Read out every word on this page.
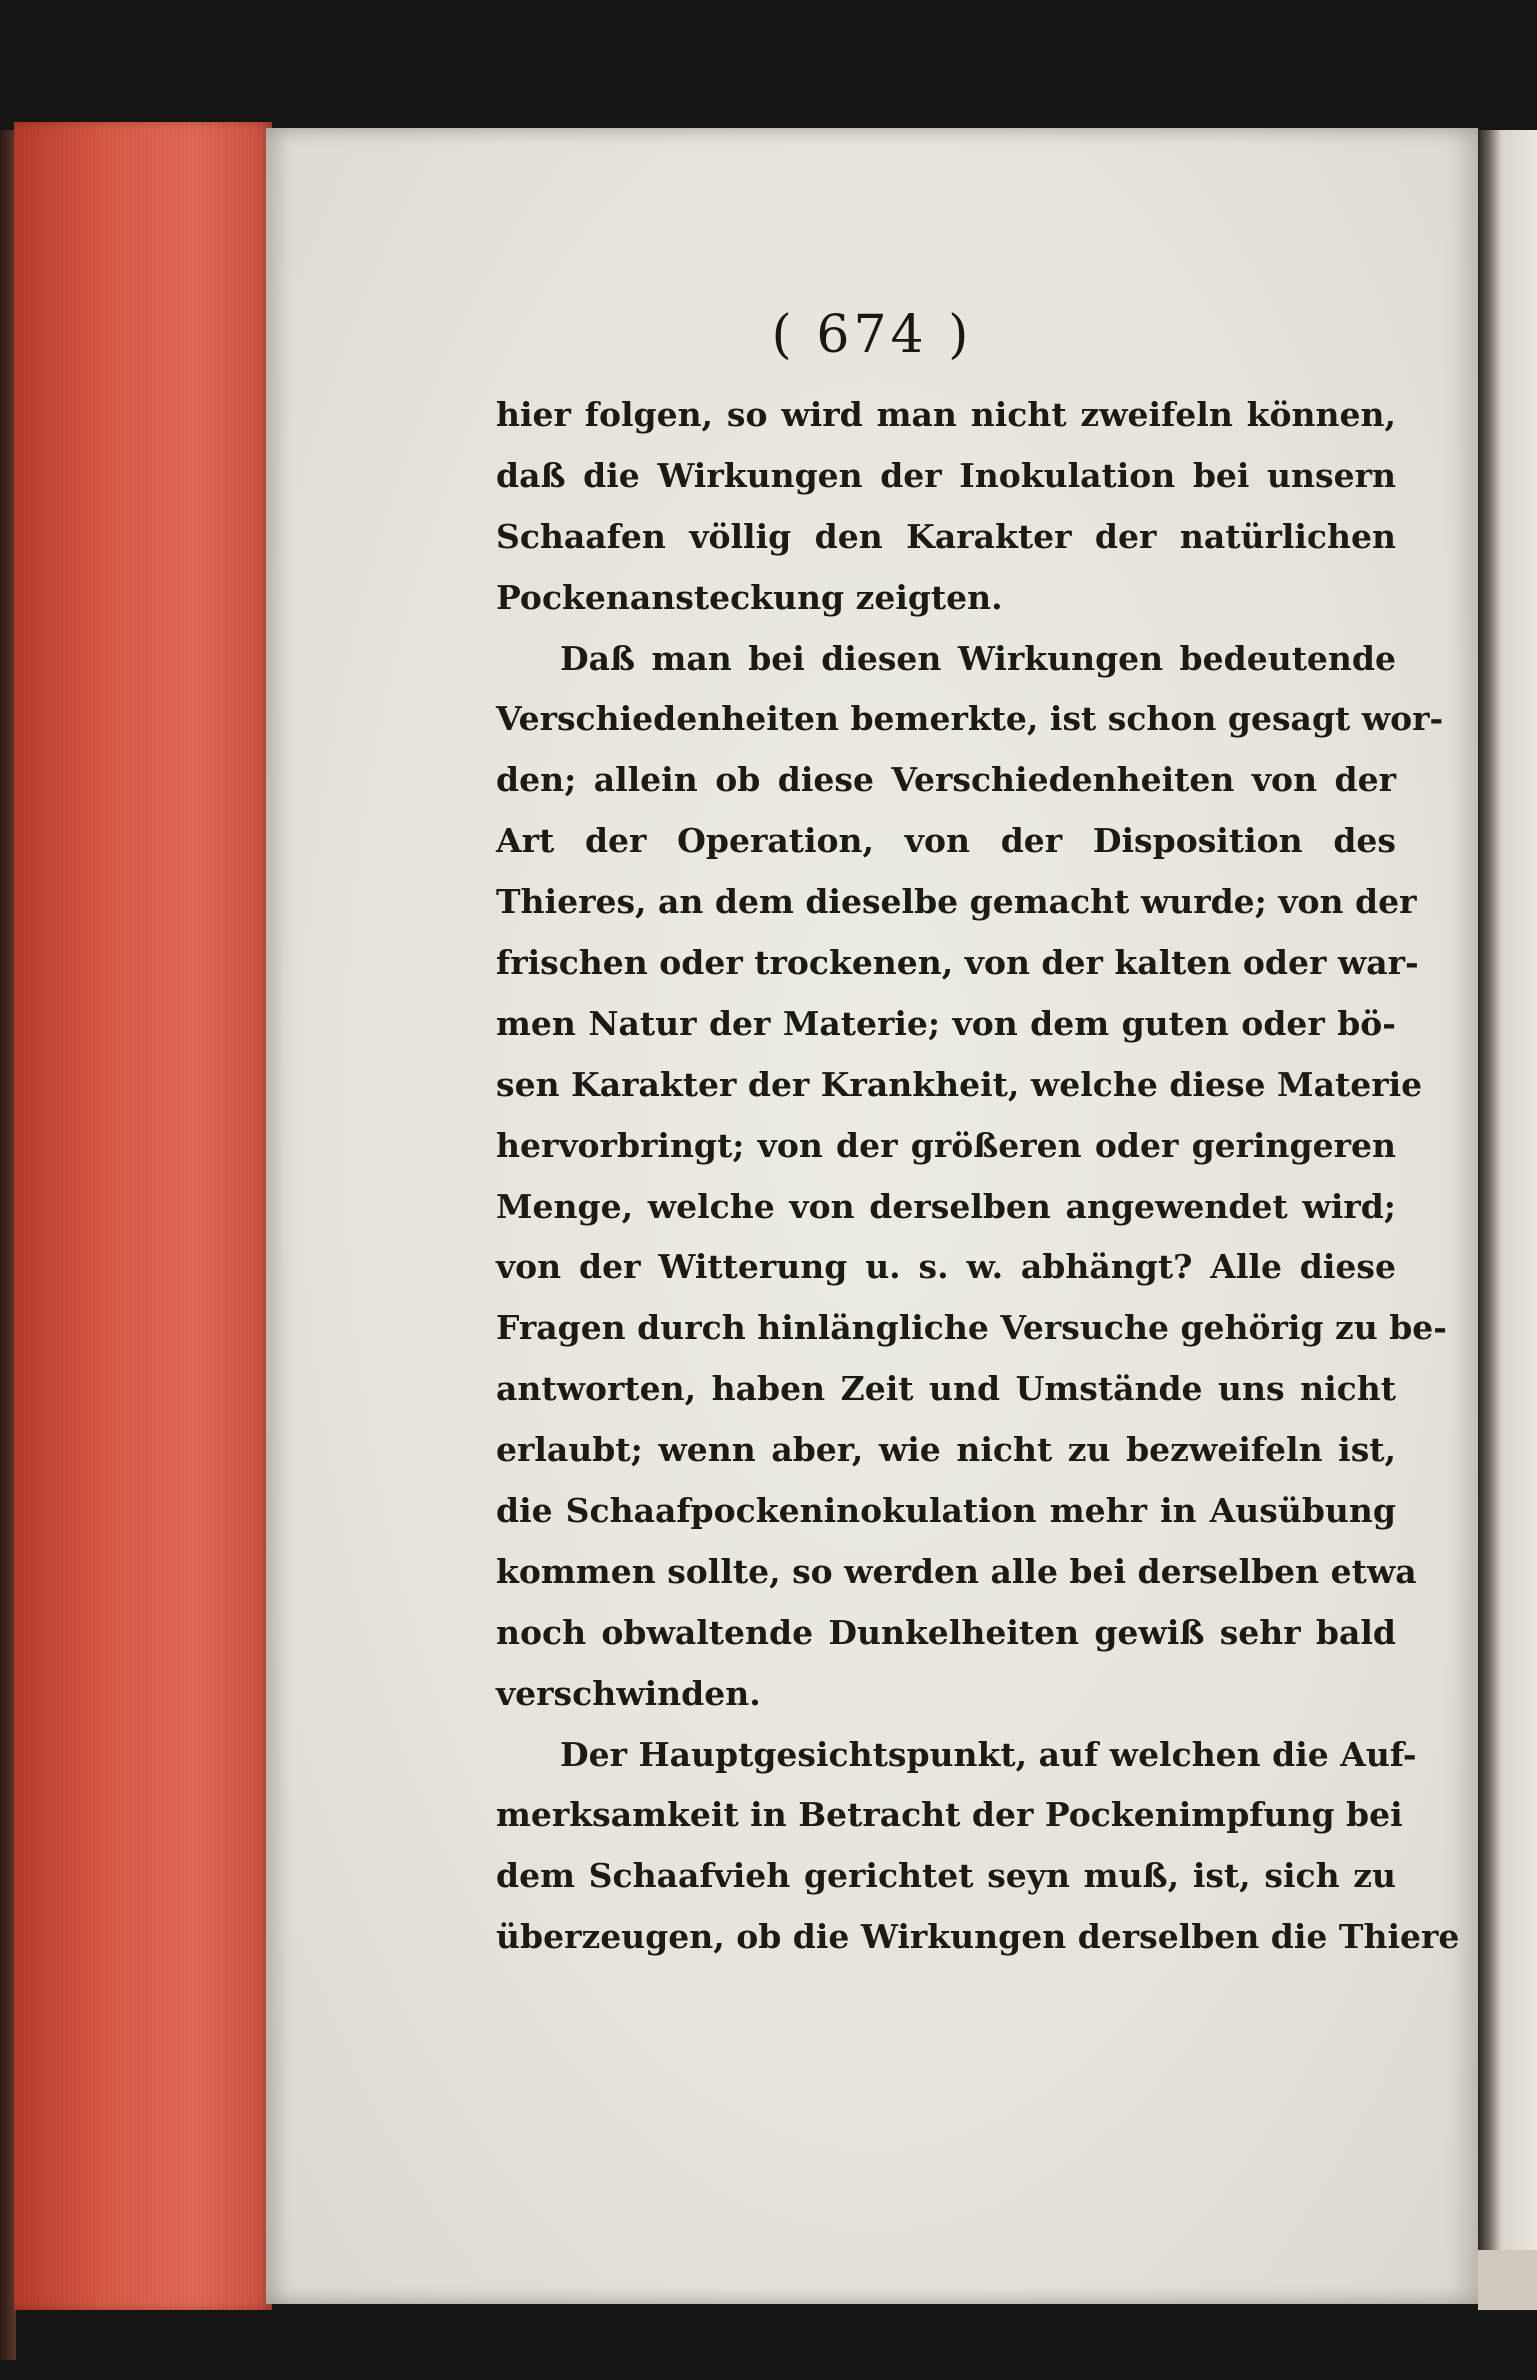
( 674 )
hier folgen, so wird man nicht zweifeln können,
daß die Wirkungen der Inokulation bei unsern
Schaafen völlig den Karakter der natürlichen
Pockenansteckung zeigten.
Daß man bei diesen Wirkungen bedeutende
Verschiedenheiten bemerkte, ist schon gesagt wor-
den; allein ob diese Verschiedenheiten von der
Art der Operation, von der Disposition des
Thieres, an dem dieselbe gemacht wurde; von der
frischen oder trockenen, von der kalten oder war-
men Natur der Materie; von dem guten oder bö-
sen Karakter der Krankheit, welche diese Materie
hervorbringt; von der größeren oder geringeren
Menge, welche von derselben angewendet wird;
von der Witterung u. s. w. abhängt? Alle diese
Fragen durch hinlängliche Versuche gehörig zu be-
antworten, haben Zeit und Umstände uns nicht
erlaubt; wenn aber, wie nicht zu bezweifeln ist,
die Schaafpockeninokulation mehr in Ausübung
kommen sollte, so werden alle bei derselben etwa
noch obwaltende Dunkelheiten gewiß sehr bald
verschwinden.
Der Hauptgesichtspunkt, auf welchen die Auf-
merksamkeit in Betracht der Pockenimpfung bei
dem Schaafvieh gerichtet seyn muß, ist, sich zu
überzeugen, ob die Wirkungen derselben die Thiere
